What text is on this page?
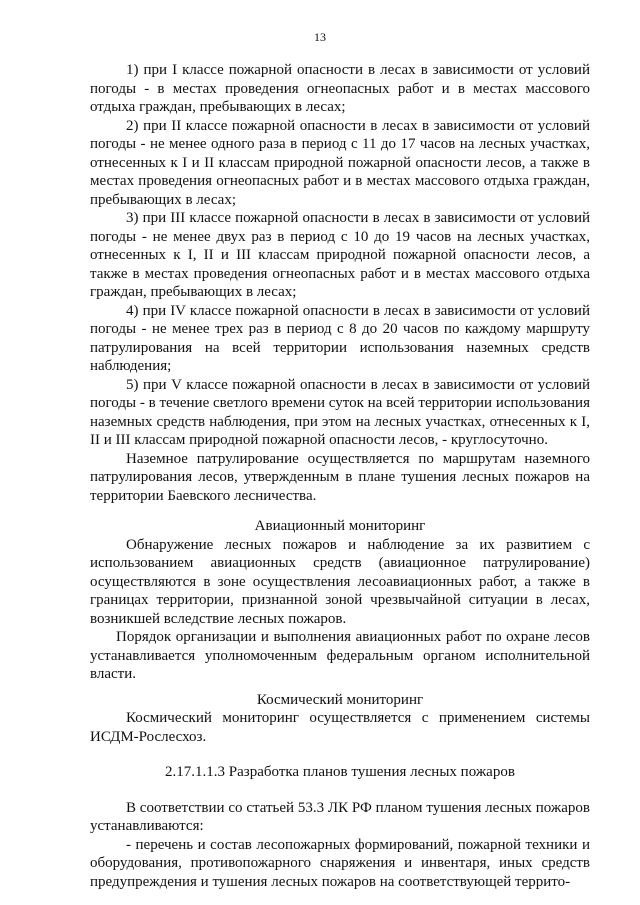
13

1) при I классе пожарной опасности в лесах в зависимости от условий погоды - в местах проведения огнеопасных работ и в местах массового отдыха граждан, пребывающих в лесах;

2) при II классе пожарной опасности в лесах в зависимости от условий погоды - не менее одного раза в период с 11 до 17 часов на лесных участках, отнесенных к I и II классам природной пожарной опасности лесов, а также в местах проведения огнеопасных работ и в местах массового отдыха граждан, пребывающих в лесах;

3) при III классе пожарной опасности в лесах в зависимости от условий погоды - не менее двух раз в период с 10 до 19 часов на лесных участках, отнесенных к I, II и III классам природной пожарной опасности лесов, а также в местах проведения огнеопасных работ и в местах массового отдыха граждан, пребывающих в лесах;

4) при IV классе пожарной опасности в лесах в зависимости от условий погоды - не менее трех раз в период с 8 до 20 часов по каждому маршруту патрулирования на всей территории использования наземных средств наблюдения;

5) при V классе пожарной опасности в лесах в зависимости от условий погоды - в течение светлого времени суток на всей территории использования наземных средств наблюдения, при этом на лесных участках, отнесенных к I, II и III классам природной пожарной опасности лесов, - круглосуточно.

Наземное патрулирование осуществляется по маршрутам наземного патрулирования лесов, утвержденным в плане тушения лесных пожаров на территории Баевского лесничества.

Авиационный мониторинг

Обнаружение лесных пожаров и наблюдение за их развитием с использованием авиационных средств (авиационное патрулирование) осуществляются в зоне осуществления лесоавиационных работ, а также в границах территории, признанной зоной чрезвычайной ситуации в лесах, возникшей вследствие лесных пожаров.

Порядок организации и выполнения авиационных работ по охране лесов устанавливается уполномоченным федеральным органом исполнительной власти.

Космический мониторинг

Космический мониторинг осуществляется с применением системы ИСДМ-Рослесхоз.

2.17.1.1.3 Разработка планов тушения лесных пожаров

В соответствии со статьей 53.3 ЛК РФ планом тушения лесных пожаров устанавливаются:

- перечень и состав лесопожарных формирований, пожарной техники и оборудования, противопожарного снаряжения и инвентаря, иных средств предупреждения и тушения лесных пожаров на соответствующей террито-
